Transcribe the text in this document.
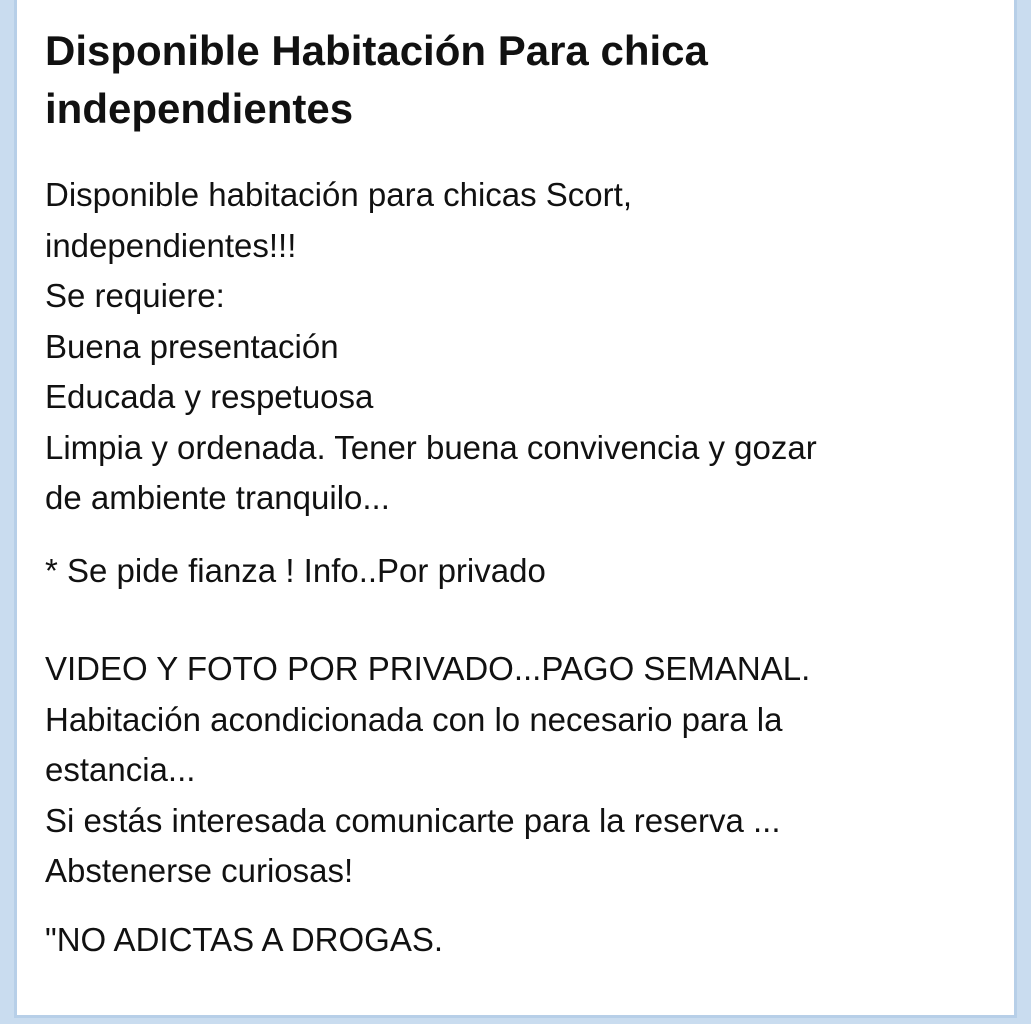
Disponible Habitación Para chica independientes
Disponible habitación para chicas Scort,
independientes!!!
Se requiere:
Buena presentación
Educada y respetuosa
Limpia y ordenada. Tener buena convivencia y gozar
de ambiente tranquilo...
* Se pide fianza ! Info..Por privado
VIDEO Y FOTO POR PRIVADO...PAGO SEMANAL.
Habitación acondicionada con lo necesario para la
estancia...
Si estás interesada comunicarte para la reserva ...
Abstenerse curiosas!
"NO ADICTAS A DROGAS.
